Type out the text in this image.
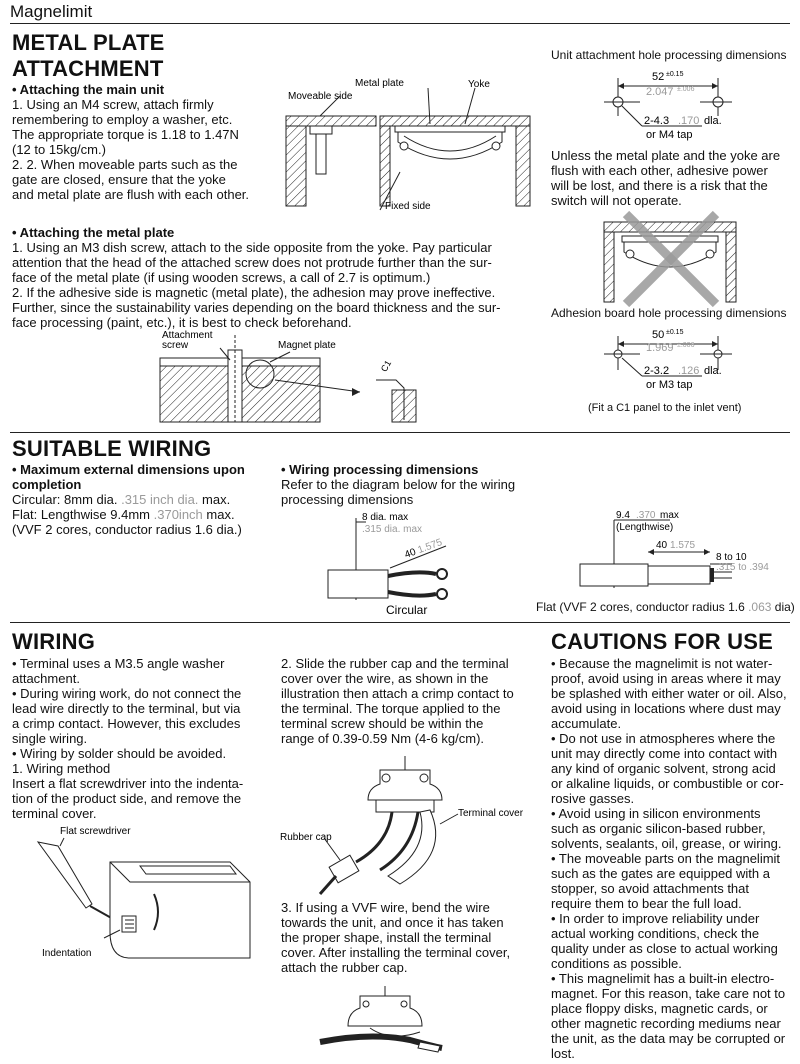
Magnelimit
METAL PLATE
ATTACHMENT
• Attaching the main unit
1. Using an M4 screw, attach firmly
remembering to employ a washer, etc.
The appropriate torque is 1.18 to 1.47N
(12 to 15kg/cm.)
2. 2. When moveable parts such as the
gate are closed, ensure that the yoke
and metal plate are flush with each other.
• Attaching the metal plate
1. Using an M3 dish screw, attach to the side opposite from the yoke. Pay particular
attention that the head of the attached screw does not protrude further than the sur-
face of the metal plate (if using wooden screws, a call of 2.7 is optimum.)
2. If the adhesive side is magnetic (metal plate), the adhesion may prove ineffective.
Further, since the sustainability varies depending on the board thickness and the sur-
face processing (paint, etc.), it is best to check beforehand.
Metal plate
Moveable side
Yoke
Fixed side
Attachment
screw	Magnet plate
C1
Unit attachment hole processing dimensions
52 ±0.15
2.047 ±.006
2-4.3 .170 dla.
or M4 tap
Unless the metal plate and the yoke are
flush with each other, adhesive power
will be lost, and there is a risk that the
switch will not operate.
Adhesion board hole processing dimensions
50 ±0.15
1.969 ±.006
2-3.2 .126 dla.
or M3 tap
(Fit a C1 panel to the inlet vent)
SUITABLE WIRING
• Maximum external dimensions upon
completion
Circular: 8mm dia. .315 inch dia. max.
Flat: Lengthwise 9.4mm .370inch max.
(VVF 2 cores, conductor radius 1.6 dia.)
• Wiring processing dimensions
Refer to the diagram below for the wiring
processing dimensions
8 dia. max
.315 dia. max
40
1.575
Circular
9.4 .370 max
(Lengthwise)
40 1.575
8 to 10
.315 to .394
Flat (VVF 2 cores, conductor radius 1.6 .063 dia)
WIRING
• Terminal uses a M3.5 angle washer
attachment.
• During wiring work, do not connect the
lead wire directly to the terminal, but via
a crimp contact. However, this excludes
single wiring.
• Wiring by solder should be avoided.
1. Wiring method
Insert a flat screwdriver into the indenta-
tion of the product side, and remove the
terminal cover.
Flat screwdriver
Indentation
2. Slide the rubber cap and the terminal
cover over the wire, as shown in the
illustration then attach a crimp contact to
the terminal. The torque applied to the
terminal screw should be within the
range of 0.39-0.59 Nm (4-6 kg/cm).
Terminal cover
Rubber cap
3. If using a VVF wire, bend the wire
towards the unit, and once it has taken
the proper shape, install the terminal
cover. After installing the terminal cover,
attach the rubber cap.
CAUTIONS FOR USE
• Because the magnelimit is not water-
proof, avoid using in areas where it may
be splashed with either water or oil. Also,
avoid using in locations where dust may
accumulate.
• Do not use in atmospheres where the
unit may directly come into contact with
any kind of organic solvent, strong acid
or alkaline liquids, or combustible or cor-
rosive gasses.
• Avoid using in silicon environments
such as organic silicon-based rubber,
solvents, sealants, oil, grease, or wiring.
• The moveable parts on the magnelimit
such as the gates are equipped with a
stopper, so avoid attachments that
require them to bear the full load.
• In order to improve reliability under
actual working conditions, check the
quality under as close to actual working
conditions as possible.
• This magnelimit has a built-in electro-
magnet. For this reason, take care not to
place floppy disks, magnetic cards, or
other magnetic recording mediums near
the unit, as the data may be corrupted or
lost.
